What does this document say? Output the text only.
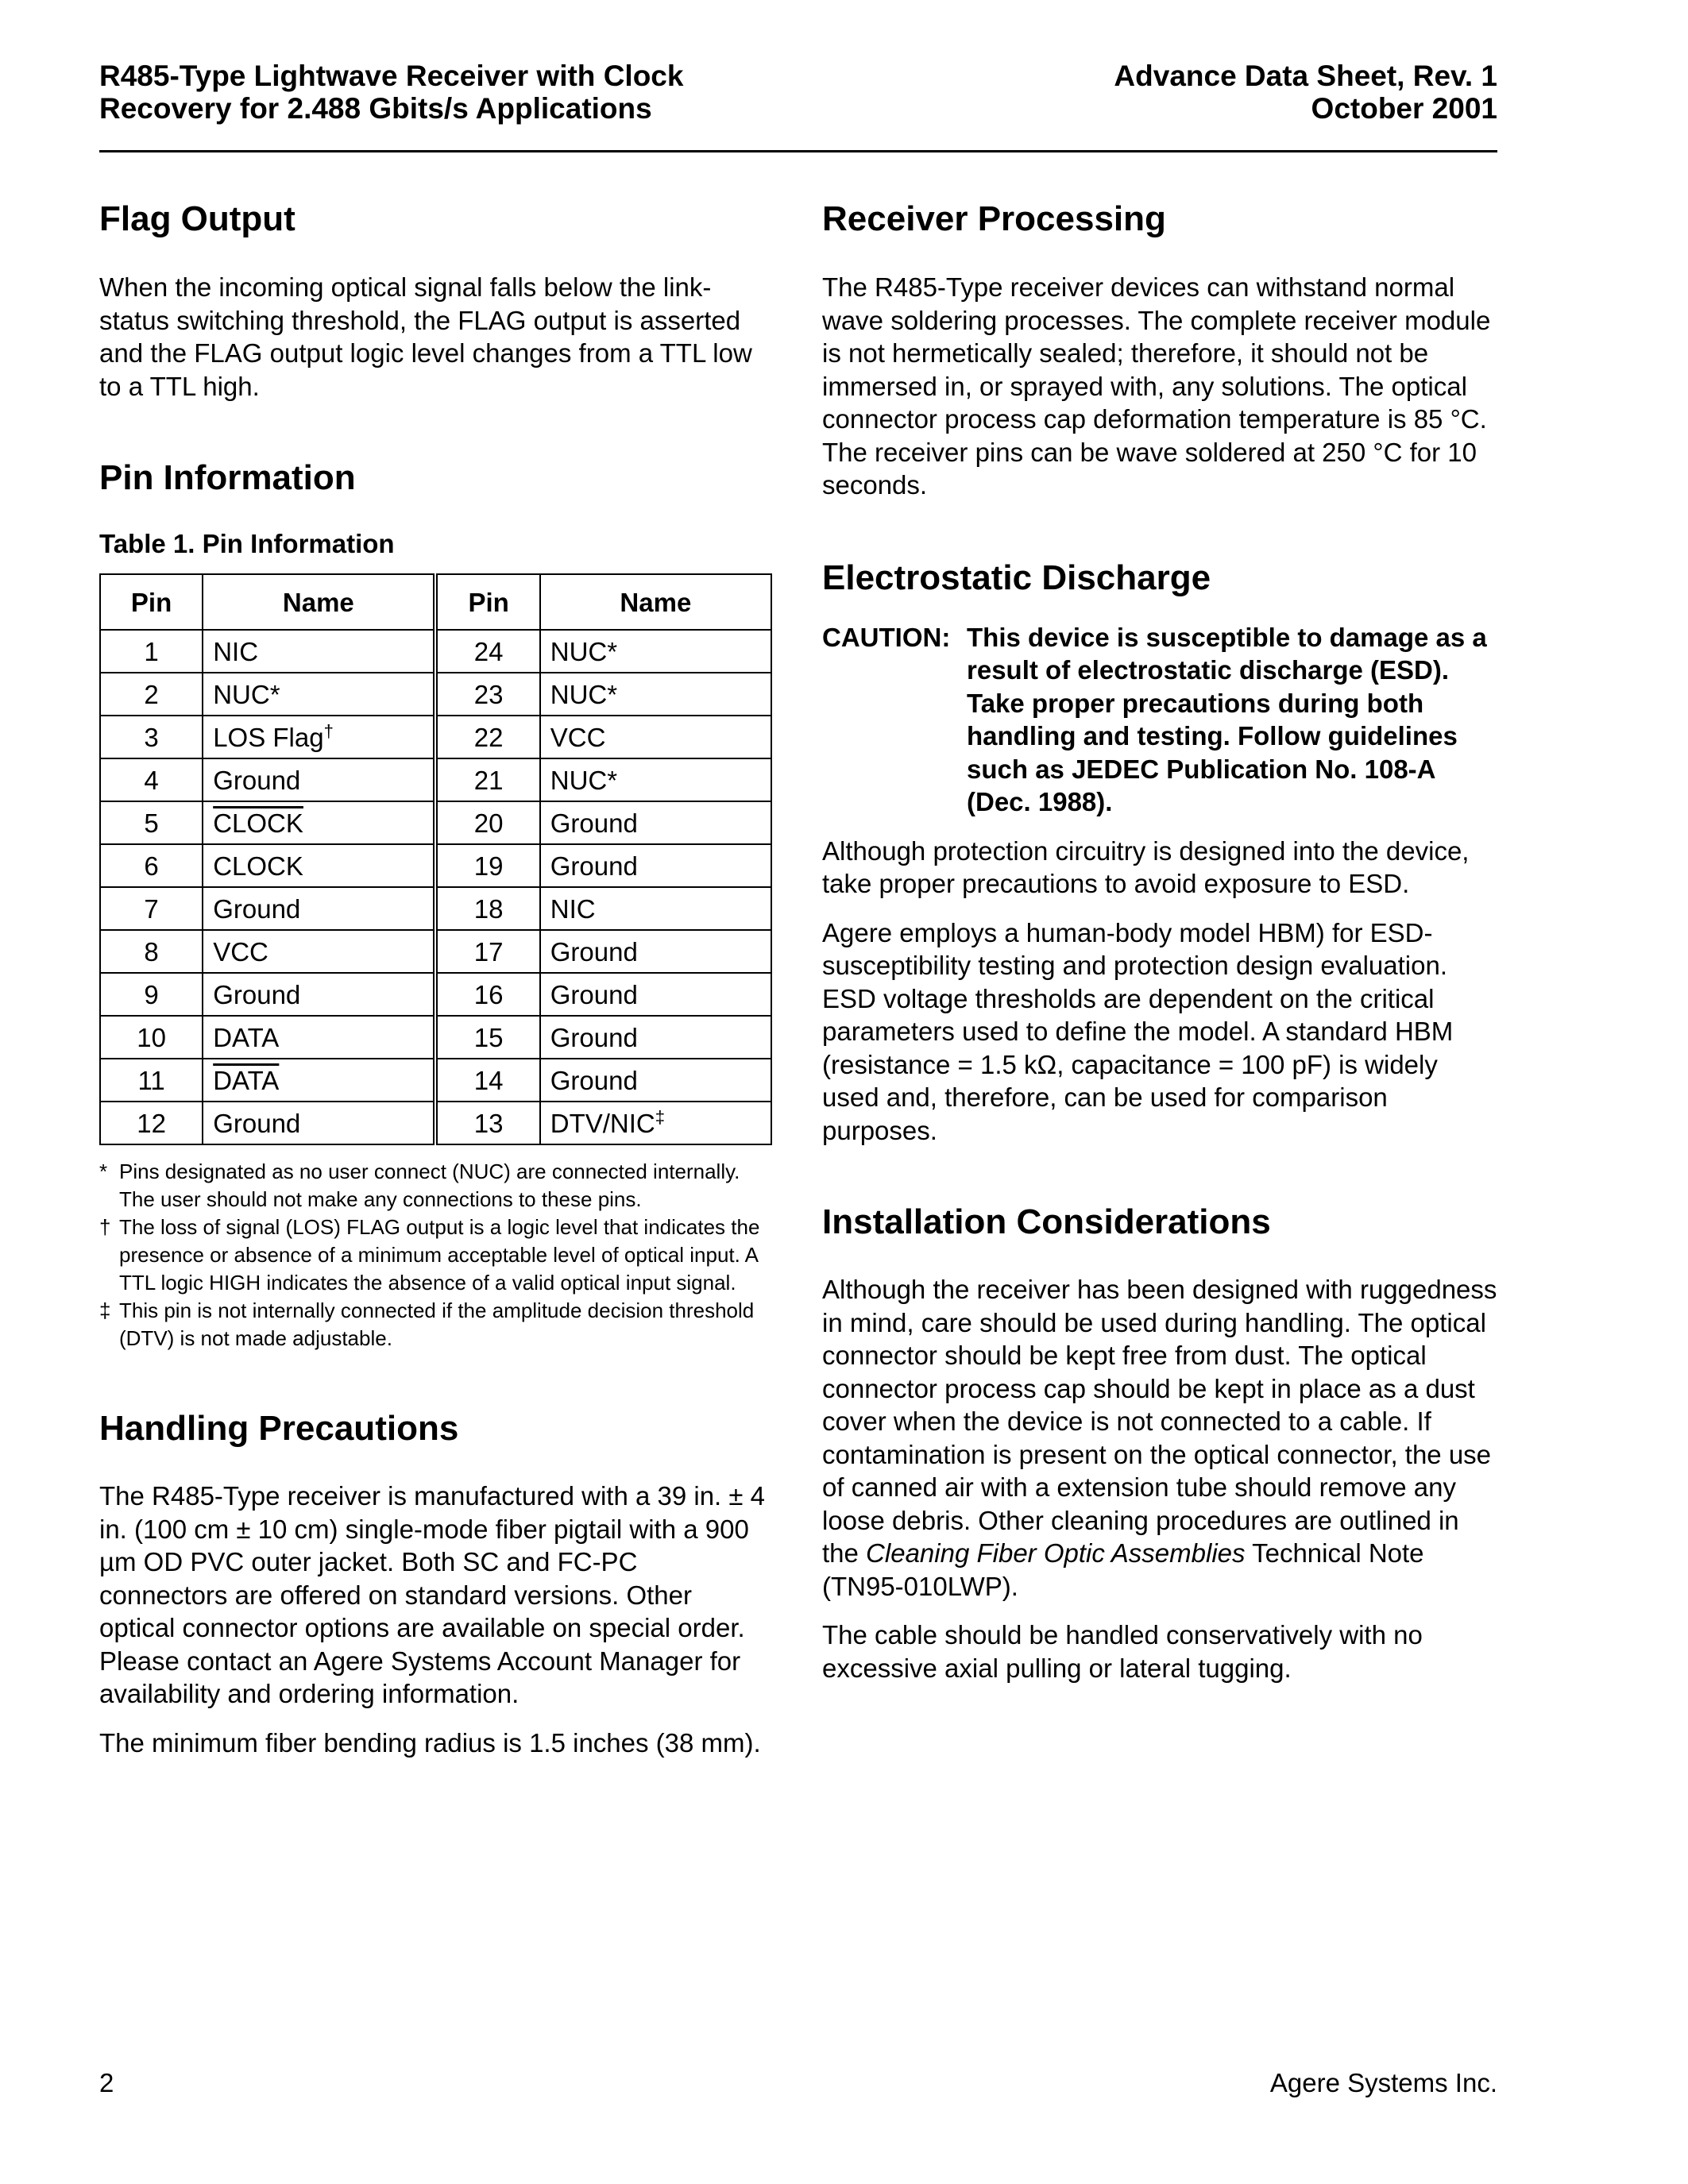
R485-Type Lightwave Receiver with Clock
Recovery for 2.488 Gbits/s Applications
Advance Data Sheet, Rev. 1
October 2001
Flag Output

When the incoming optical signal falls below the link-status switching threshold, the FLAG output is asserted and the FLAG output logic level changes from a TTL low to a TTL high.

Pin Information
Table 1. Pin Information
Pin	Name	Pin	Name
1	NIC	24	NUC*
2	NUC*	23	NUC*
3	LOS Flag†	22	VCC
4	Ground	21	NUC*
5	CLOCK	20	Ground
6	CLOCK	19	Ground
7	Ground	18	NIC
8	VCC	17	Ground
9	Ground	16	Ground
10	DATA	15	Ground
11	DATA	14	Ground
12	Ground	13	DTV/NIC‡
* Pins designated as no user connect (NUC) are connected internally. The user should not make any connections to these pins.
† The loss of signal (LOS) FLAG output is a logic level that indicates the presence or absence of a minimum acceptable level of optical input. A TTL logic HIGH indicates the absence of a valid optical input signal.
‡ This pin is not internally connected if the amplitude decision threshold (DTV) is not made adjustable.
Handling Precautions

The R485-Type receiver is manufactured with a 39 in. ± 4 in. (100 cm ± 10 cm) single-mode fiber pigtail with a 900 µm OD PVC outer jacket. Both SC and FC-PC connectors are offered on standard versions. Other optical connector options are available on special order. Please contact an Agere Systems Account Manager for availability and ordering information.

The minimum fiber bending radius is 1.5 inches (38 mm).

Receiver Processing

The R485-Type receiver devices can withstand normal wave soldering processes. The complete receiver module is not hermetically sealed; therefore, it should not be immersed in, or sprayed with, any solutions. The optical connector process cap deformation temperature is 85 °C. The receiver pins can be wave soldered at 250 °C for 10 seconds.

Electrostatic Discharge
CAUTION: This device is susceptible to damage as a result of electrostatic discharge (ESD). Take proper precautions during both handling and testing. Follow guidelines such as JEDEC Publication No. 108-A (Dec. 1988).

Although protection circuitry is designed into the device, take proper precautions to avoid exposure to ESD.

Agere employs a human-body model HBM) for ESD-susceptibility testing and protection design evaluation. ESD voltage thresholds are dependent on the critical parameters used to define the model. A standard HBM (resistance = 1.5 kΩ, capacitance = 100 pF) is widely used and, therefore, can be used for comparison purposes.

Installation Considerations

Although the receiver has been designed with ruggedness in mind, care should be used during handling. The optical connector should be kept free from dust. The optical connector process cap should be kept in place as a dust cover when the device is not connected to a cable. If contamination is present on the optical connector, the use of canned air with a extension tube should remove any loose debris. Other cleaning procedures are outlined in the Cleaning Fiber Optic Assemblies Technical Note (TN95-010LWP).

The cable should be handled conservatively with no excessive axial pulling or lateral tugging.

2	Agere Systems Inc.
